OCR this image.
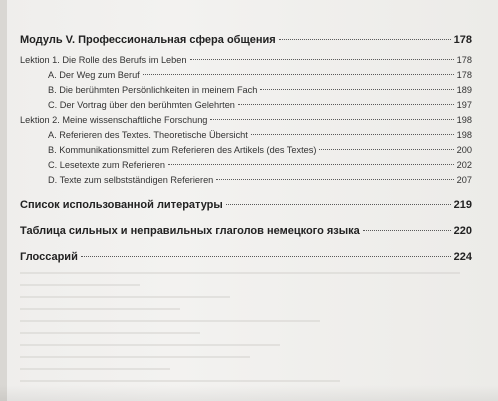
Модуль V. Профессиональная сфера общения	178
Lektion 1. Die Rolle des Berufs im Leben	178
A. Der Weg zum Beruf	178
B. Die berühmten Persönlichkeiten in meinem Fach	189
C. Der Vortrag über den berühmten Gelehrten	197
Lektion 2. Meine wissenschaftliche Forschung	198
A. Referieren des Textes. Theoretische Übersicht	198
B. Kommunikationsmittel zum Referieren des Artikels (des Textes)	200
C. Lesetexte zum Referieren	202
D. Texte zum selbstständigen Referieren	207
Список использованной литературы	219
Таблица сильных и неправильных глаголов немецкого языка	220
Глоссарий	224
